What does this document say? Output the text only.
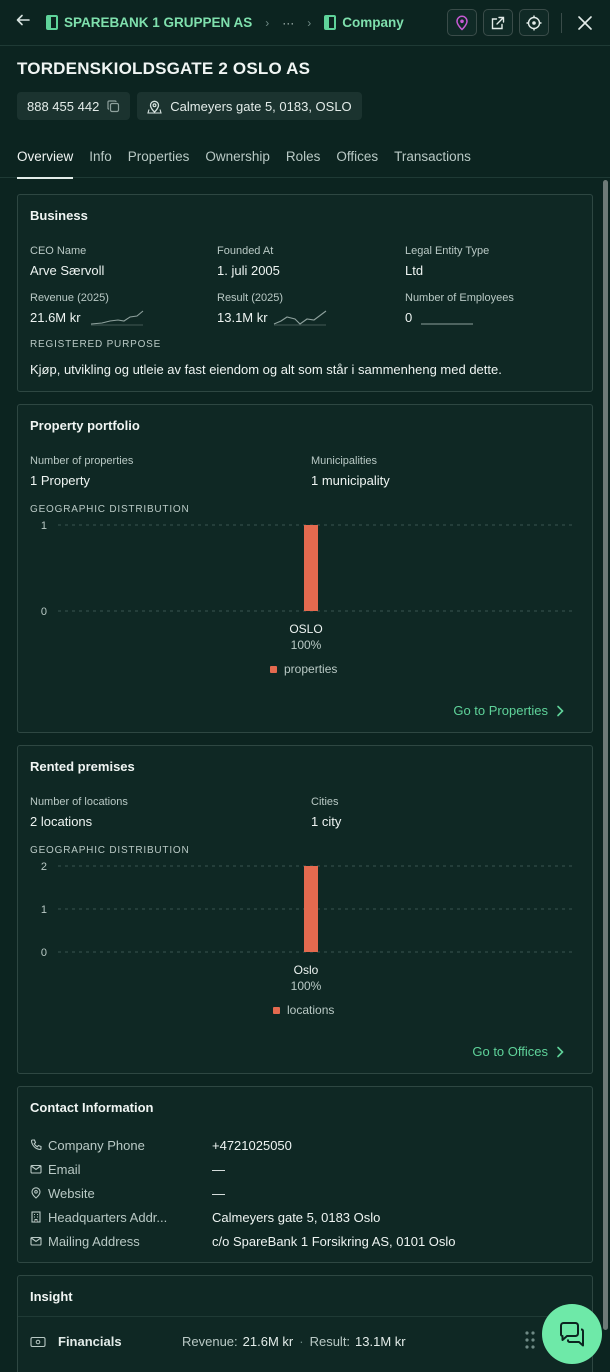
SPAREBANK 1 GRUPPEN AS › ··· › Company
TORDENSKIOLDSGATE 2 OSLO AS
888 455 442	Calmeyers gate 5, 0183, OSLO
Overview Info Properties Ownership Roles Offices Transactions
Business
CEO Name
Arve Særvoll
Founded At
1. juli 2005
Legal Entity Type
Ltd
Revenue (2025)
21.6M kr
Result (2025)
13.1M kr
Number of Employees
0
REGISTERED PURPOSE
Kjøp, utvikling og utleie av fast eiendom og alt som står i sammenheng med dette.
Property portfolio
Number of properties
1 Property
Municipalities
1 municipality
GEOGRAPHIC DISTRIBUTION
0
1
OSLO
100%
properties
Go to Properties
Rented premises
Number of locations
2 locations
Cities
1 city
GEOGRAPHIC DISTRIBUTION
0
1
2
Oslo
100%
locations
Go to Offices
Contact Information
Company Phone	+4721025050
Email	—
Website	—
Headquarters Addr...	Calmeyers gate 5, 0183 Oslo
Mailing Address	c/o SpareBank 1 Forsikring AS, 0101 Oslo
Insight
Financials	Revenue: 21.6M kr · Result: 13.1M kr
